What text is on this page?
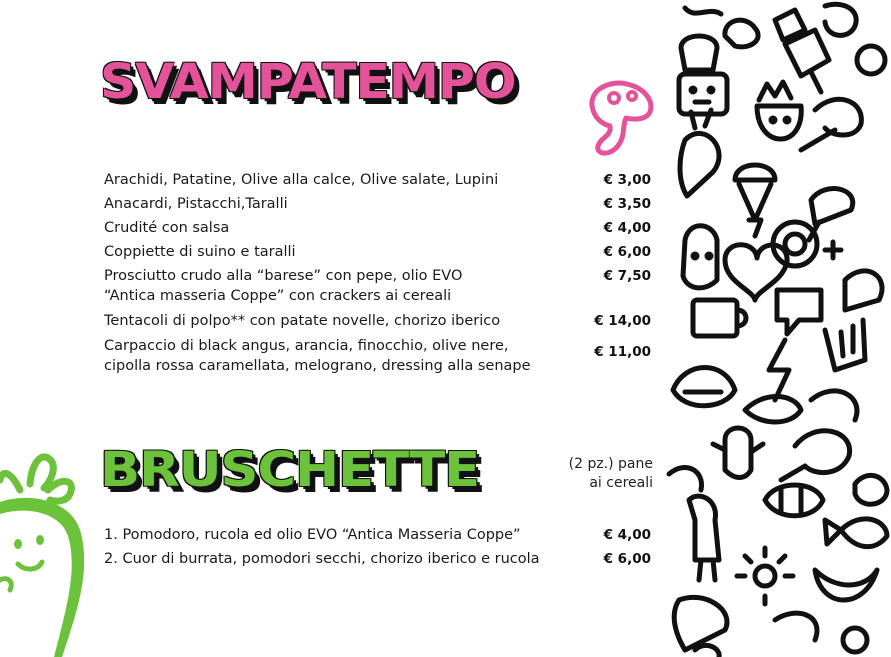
SVAMPATEMPO
Arachidi, Patatine, Olive alla calce, Olive salate, Lupini	€ 3,00
Anacardi, Pistacchi,Taralli	€ 3,50
Crudité con salsa	€ 4,00
Coppiette di suino e taralli	€ 6,00
Prosciutto crudo alla “barese” con pepe, olio EVO
“Antica masseria Coppe” con crackers ai cereali
€ 7,50
Tentacoli di polpo** con patate novelle, chorizo iberico	€ 14,00
Carpaccio di black angus, arancia, finocchio, olive nere,
cipolla rossa caramellata, melograno, dressing alla senape
€ 11,00
BRUSCHETTE	(2 pz.) pane
ai cereali
1. Pomodoro, rucola ed olio EVO “Antica Masseria Coppe”	€ 4,00
2. Cuor di burrata, pomodori secchi, chorizo iberico e rucola	€ 6,00
